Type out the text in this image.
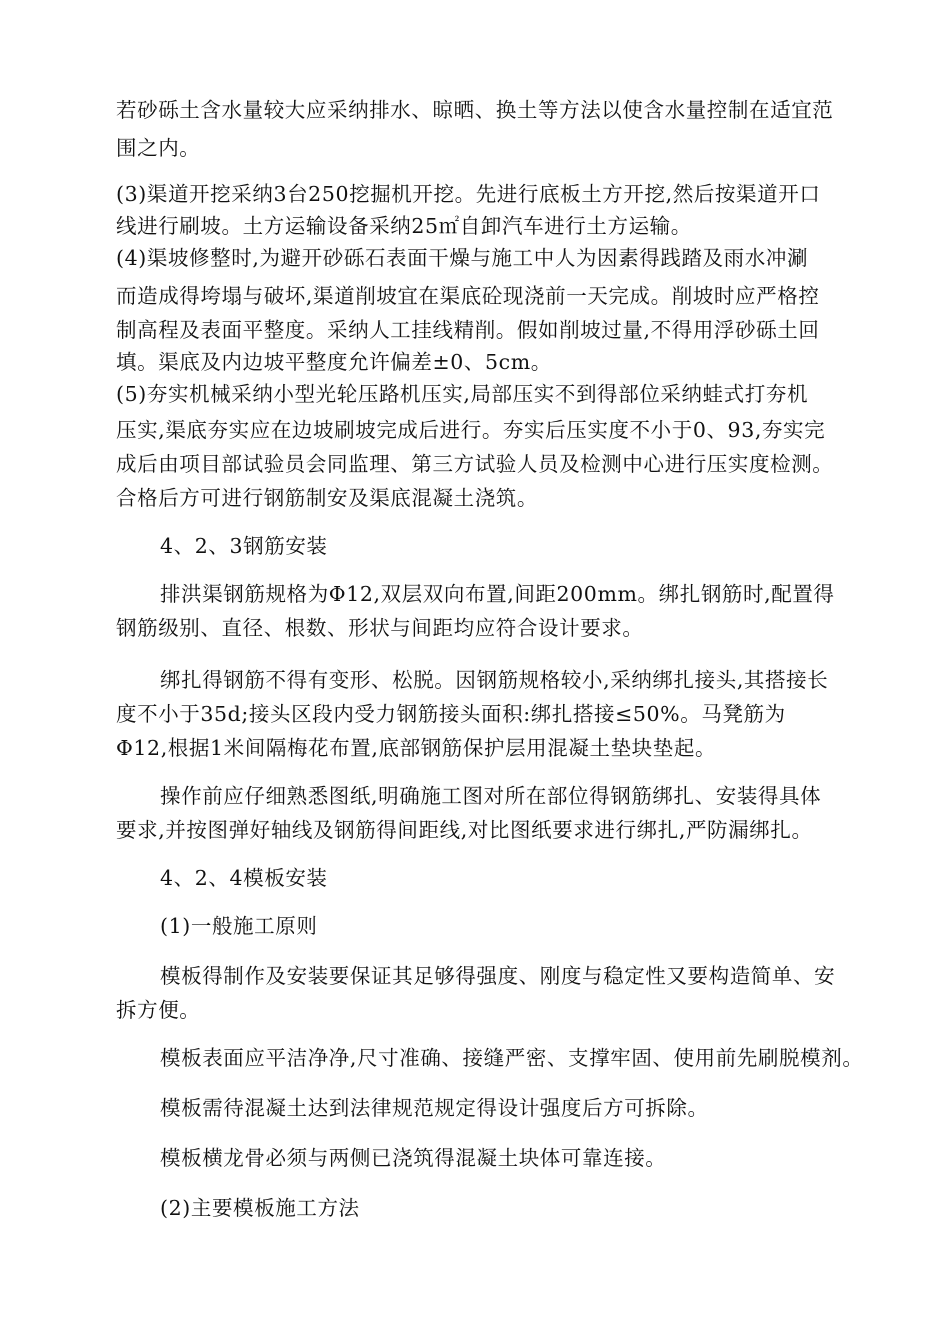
若砂砾土含水量较大应采纳排水、晾晒、换土等方法以使含水量控制在适宜范
围之内。
(3)渠道开挖采纳3台250挖掘机开挖。先进行底板土方开挖,然后按渠道开口
线进行刷坡。土方运输设备采纳25㎡自卸汽车进行土方运输。
(4)渠坡修整时,为避开砂砾石表面干燥与施工中人为因素得践踏及雨水冲涮
而造成得垮塌与破坏,渠道削坡宜在渠底砼现浇前一天完成。削坡时应严格控
制高程及表面平整度。采纳人工挂线精削。假如削坡过量,不得用浮砂砾土回
填。渠底及内边坡平整度允许偏差±0、5cm。
(5)夯实机械采纳小型光轮压路机压实,局部压实不到得部位采纳蛙式打夯机
压实,渠底夯实应在边坡刷坡完成后进行。夯实后压实度不小于0、93,夯实完
成后由项目部试验员会同监理、第三方试验人员及检测中心进行压实度检测。
合格后方可进行钢筋制安及渠底混凝土浇筑。
4、2、3钢筋安装
排洪渠钢筋规格为Φ12,双层双向布置,间距200mm。绑扎钢筋时,配置得
钢筋级别、直径、根数、形状与间距均应符合设计要求。
绑扎得钢筋不得有变形、松脱。因钢筋规格较小,采纳绑扎接头,其搭接长
度不小于35d;接头区段内受力钢筋接头面积:绑扎搭接≤50%。马凳筋为
Φ12,根据1米间隔梅花布置,底部钢筋保护层用混凝土垫块垫起。
操作前应仔细熟悉图纸,明确施工图对所在部位得钢筋绑扎、安装得具体
要求,并按图弹好轴线及钢筋得间距线,对比图纸要求进行绑扎,严防漏绑扎。
4、2、4模板安装
(1)一般施工原则
模板得制作及安装要保证其足够得强度、刚度与稳定性又要构造简单、安
拆方便。
模板表面应平洁净净,尺寸准确、接缝严密、支撑牢固、使用前先刷脱模剂。
模板需待混凝土达到法律规范规定得设计强度后方可拆除。
模板横龙骨必须与两侧已浇筑得混凝土块体可靠连接。
(2)主要模板施工方法
